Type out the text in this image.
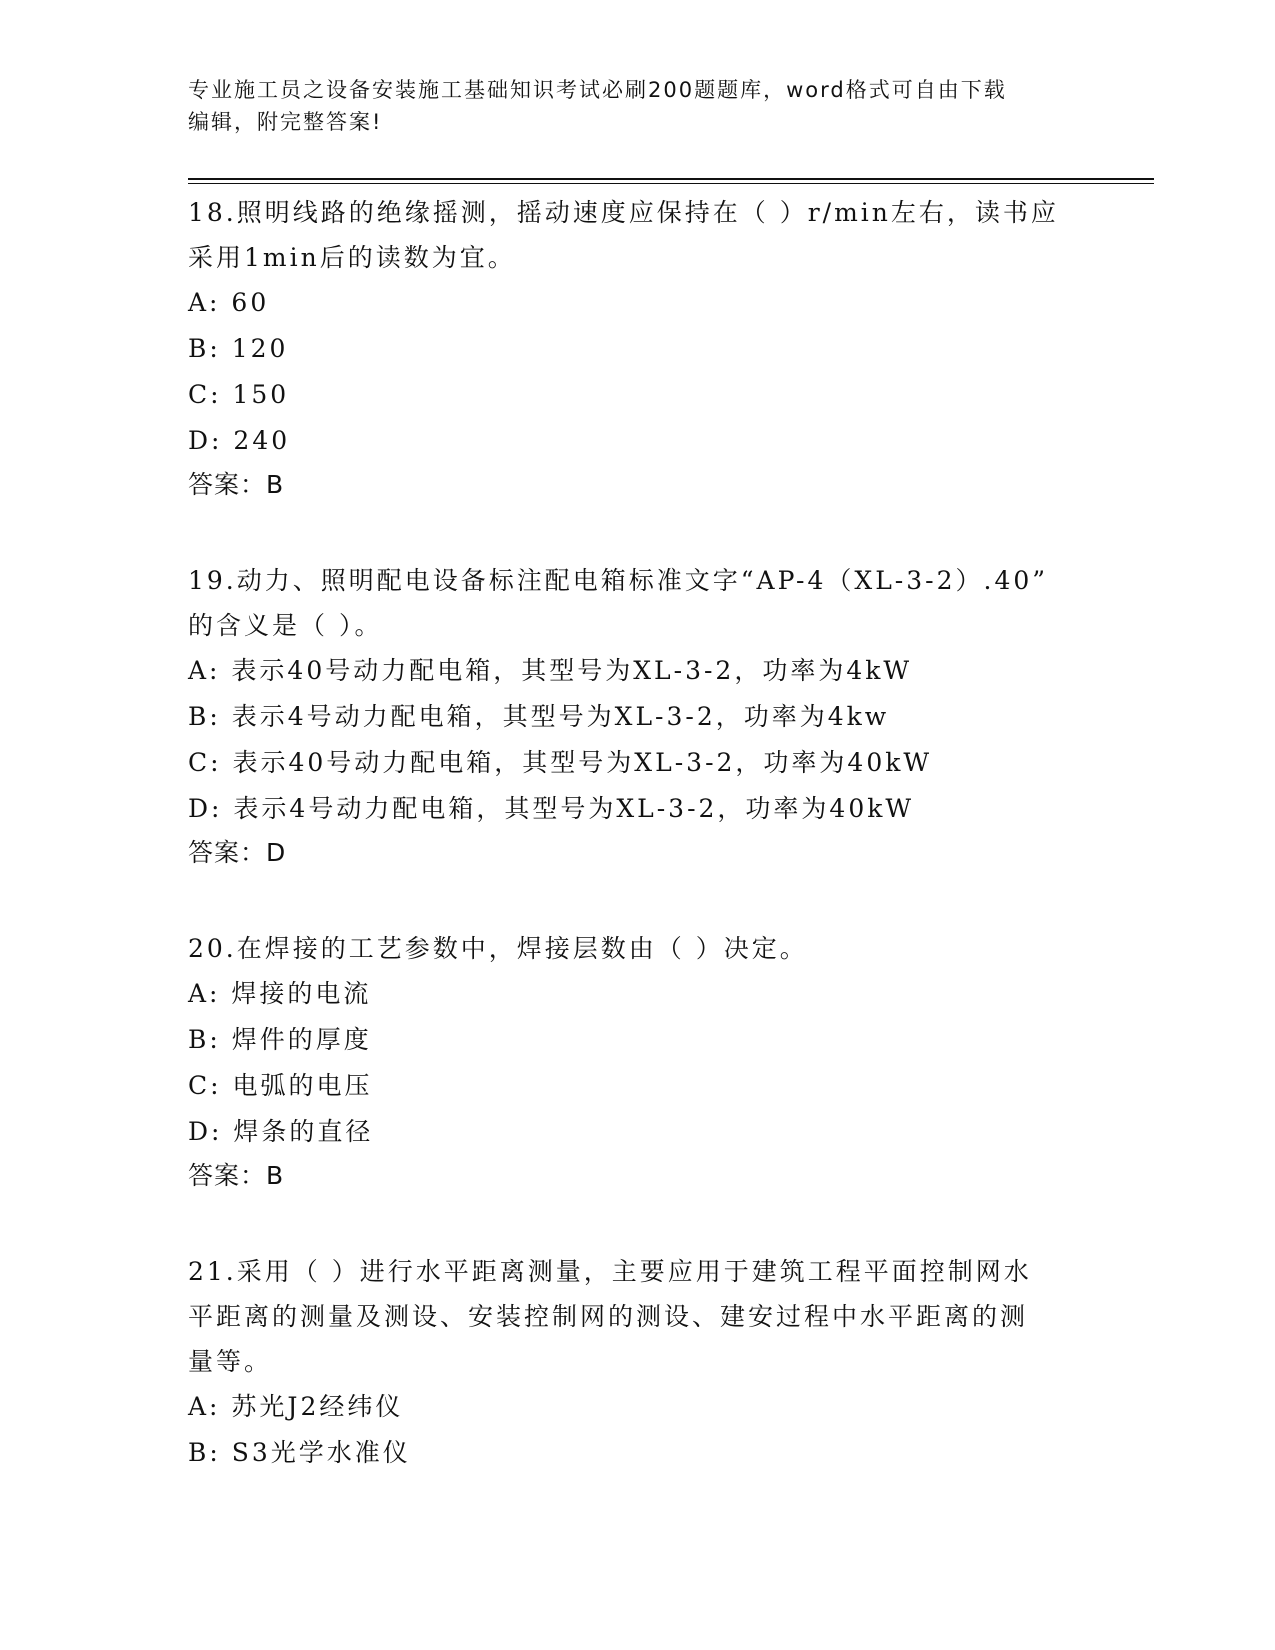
专业施工员之设备安装施工基础知识考试必刷200题题库，word格式可自由下载
编辑，附完整答案!

18.照明线路的绝缘摇测，摇动速度应保持在（ ）r/min左右，读书应

采用1min后的读数为宜。

A: 60

B: 120

C: 150

D: 240

答案：B

19.动力、照明配电设备标注配电箱标准文字“AP-4（XL-3-2）.40”

的含义是（ ）。

A: 表示40号动力配电箱，其型号为XL-3-2，功率为4kW

B: 表示4号动力配电箱，其型号为XL-3-2，功率为4kw

C: 表示40号动力配电箱，其型号为XL-3-2，功率为40kW

D: 表示4号动力配电箱，其型号为XL-3-2，功率为40kW

答案：D

20.在焊接的工艺参数中，焊接层数由（ ）决定。

A: 焊接的电流

B: 焊件的厚度

C: 电弧的电压

D: 焊条的直径

答案：B

21.采用（ ）进行水平距离测量，主要应用于建筑工程平面控制网水

平距离的测量及测设、安装控制网的测设、建安过程中水平距离的测

量等。

A: 苏光J2经纬仪

B: S3光学水准仪
